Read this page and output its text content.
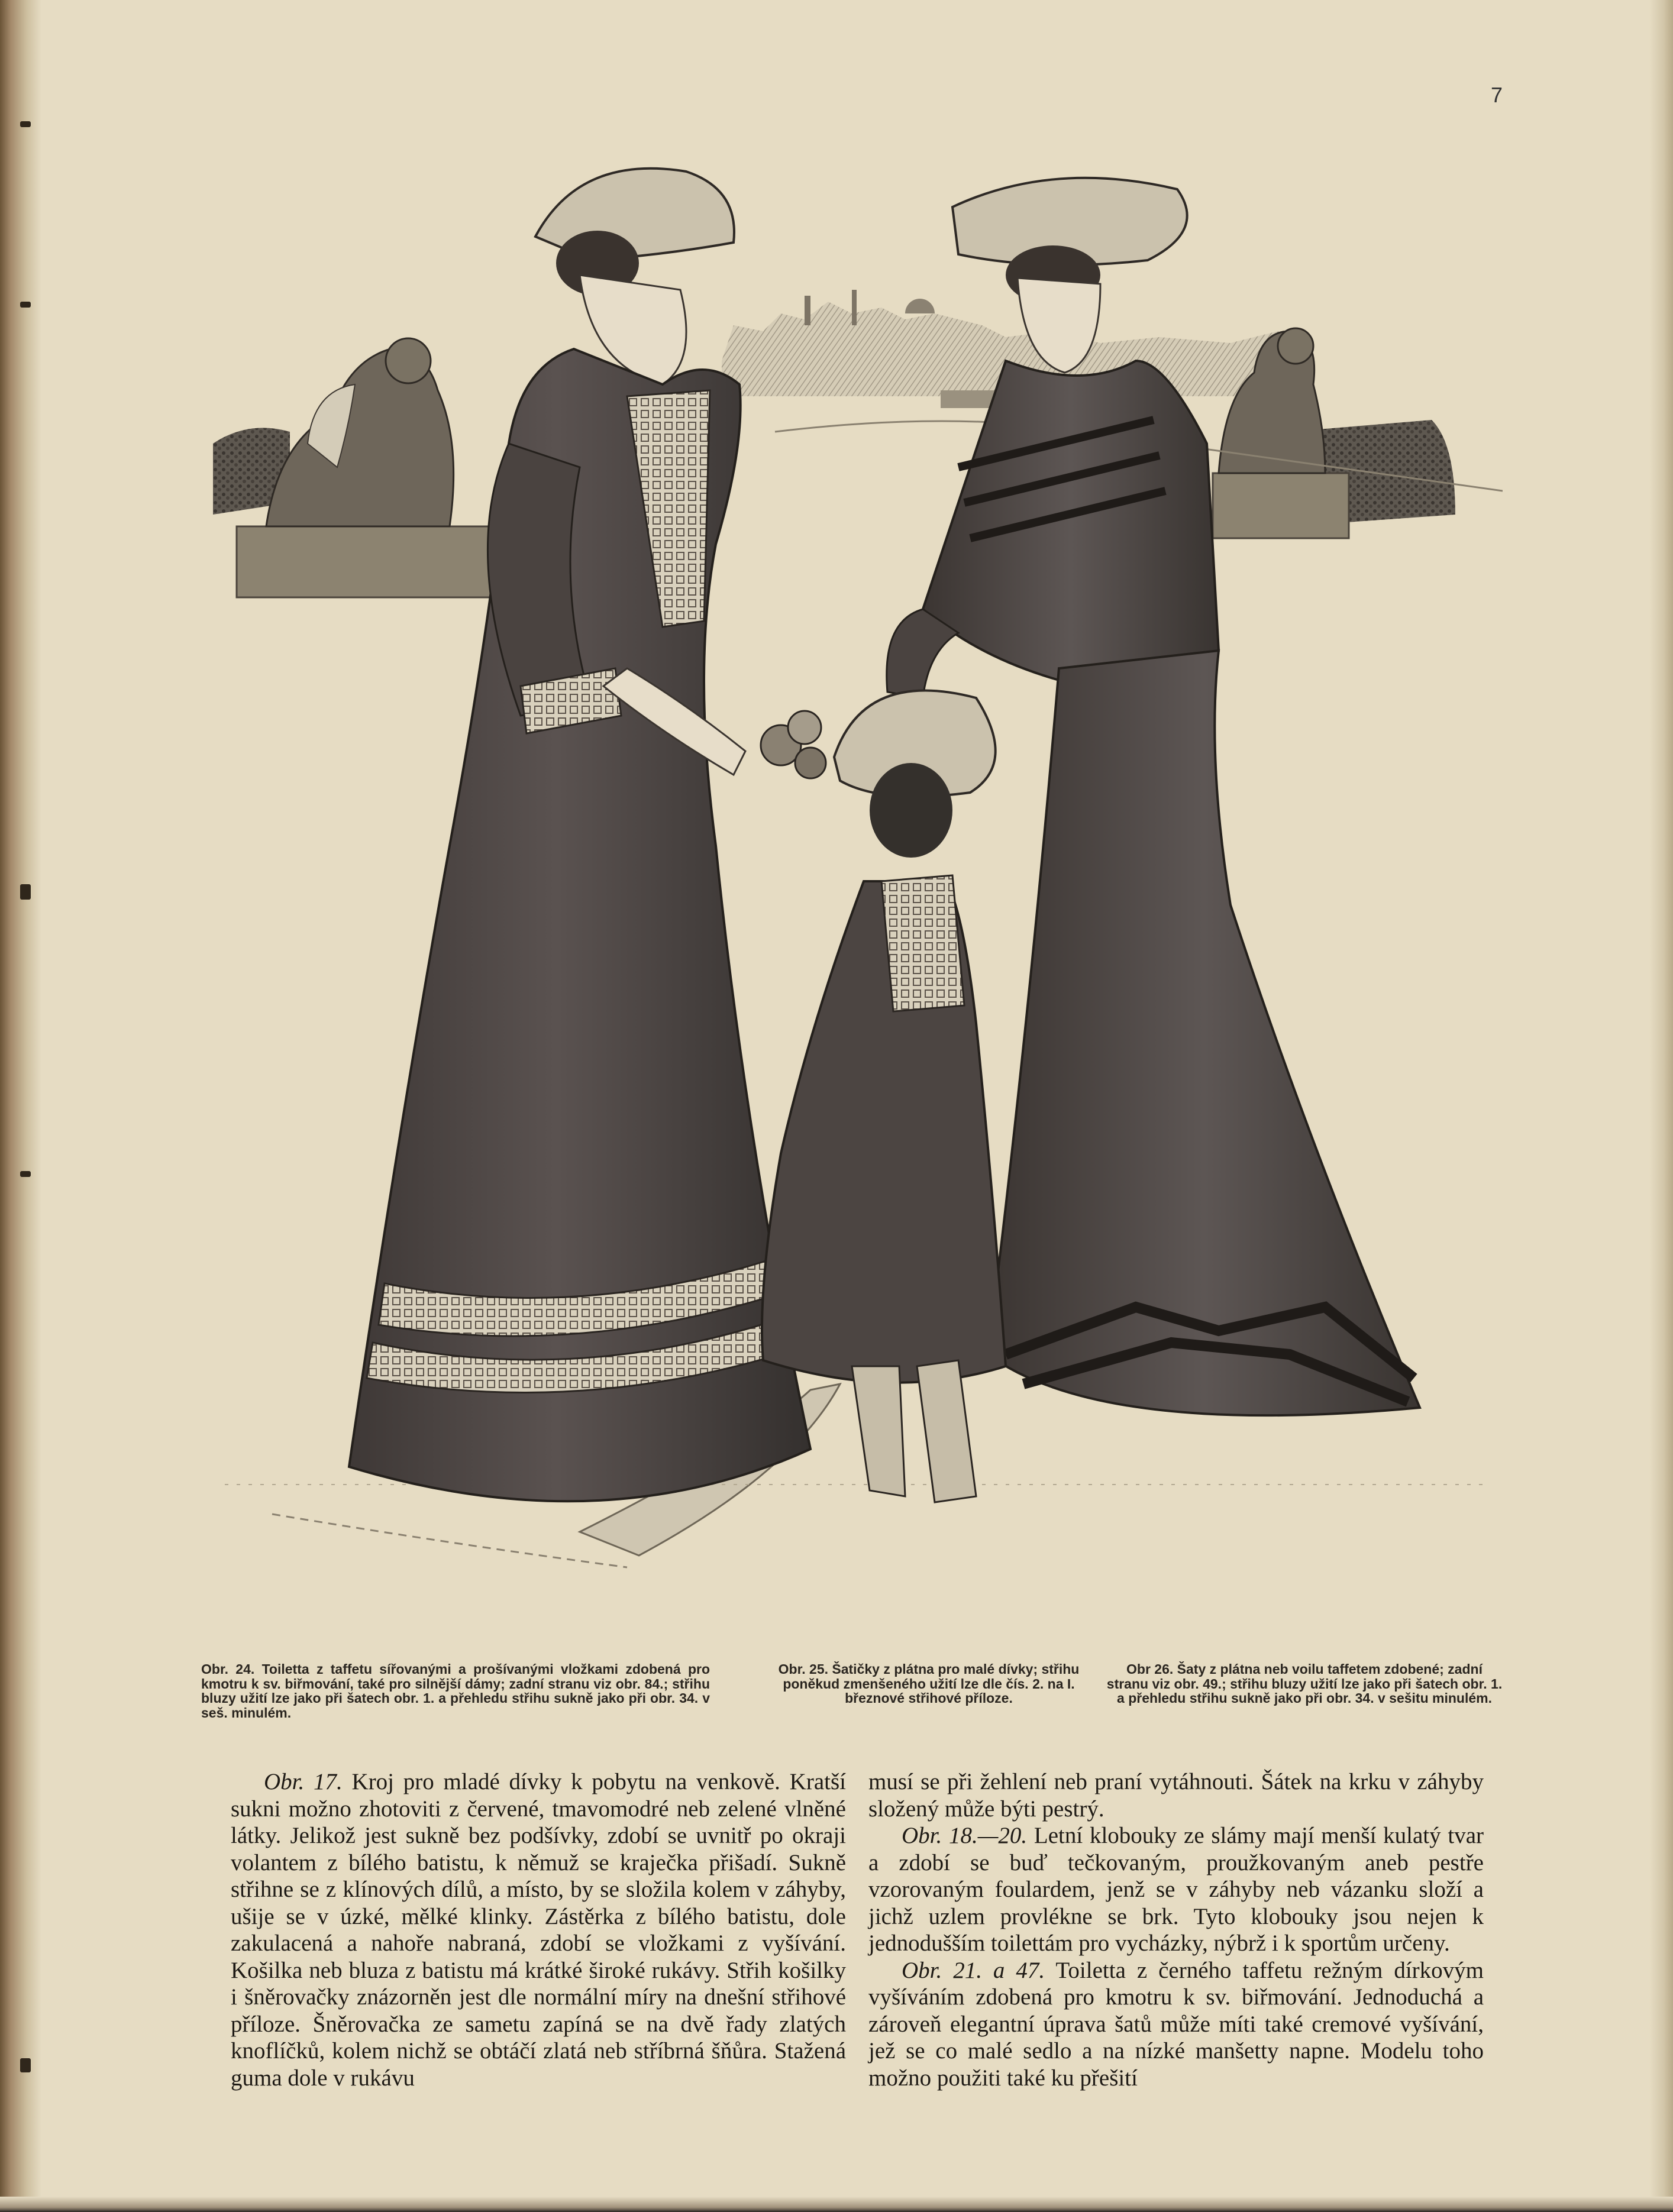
7
Obr. 24. Toiletta z taffetu sířovanými a prošívanými vložkami zdobená pro kmotru k sv. biřmování, také pro silnější dámy; zadní stranu viz obr. 84.; střihu bluzy užití lze jako při šatech obr. 1. a přehledu střihu sukně jako při obr. 34. v seš. minulém.
Obr. 25. Šatičky z plátna pro malé dívky; střihu poněkud zmenšeného užití lze dle čís. 2. na I. březnové střihové příloze.
Obr 26. Šaty z plátna neb voilu taffetem zdobené; zadní stranu viz obr. 49.; střihu bluzy užití lze jako při šatech obr. 1. a přehledu střihu sukně jako při obr. 34. v sešitu minulém.

Obr. 17. Kroj pro mladé dívky k pobytu na venkově. Kratší sukni možno zhotoviti z červené, tmavomodré neb zelené vlněné látky. Jelikož jest sukně bez podšívky, zdobí se uvnitř po okraji volantem z bílého batistu, k němuž se kraječka přišadí. Sukně střihne se z klínových dílů, a místo, by se složila kolem v záhyby, ušije se v úzké, mělké klinky. Zástěrka z bílého batistu, dole zakulacená a nahoře nabraná, zdobí se vložkami z vyšívání. Košilka neb bluza z batistu má krátké široké rukávy. Střih košilky i šněrovačky znázorněn jest dle normální míry na dnešní střihové příloze. Šněrovačka ze sametu zapíná se na dvě řady zlatých knoflíčků, kolem nichž se obtáčí zlatá neb stříbrná šňůra. Stažená guma dole v rukávu

musí se při žehlení neb praní vytáhnouti. Šátek na krku v záhyby složený může býti pestrý.

Obr. 18.—20. Letní klobouky ze slámy mají menší kulatý tvar a zdobí se buď tečkovaným, proužkovaným aneb pestře vzorovaným foulardem, jenž se v záhyby neb vázanku složí a jichž uzlem provlékne se brk. Tyto klobouky jsou nejen k jednodušším toilettám pro vycházky, nýbrž i k sportům určeny.

Obr. 21. a 47. Toiletta z černého taffetu režným dírkovým vyšíváním zdobená pro kmotru k sv. biřmování. Jednoduchá a zároveň elegantní úprava šatů může míti také cremové vyšívání, jež se co malé sedlo a na nízké manšetty napne. Modelu toho možno použiti také ku přešití
